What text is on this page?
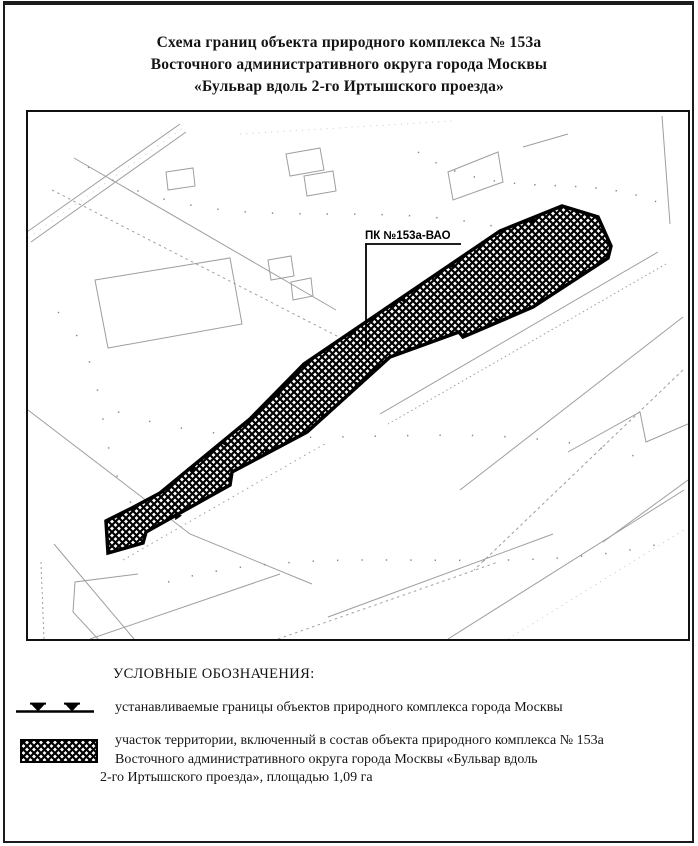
Схема границ объекта природного комплекса № 153а
Восточного административного округа города Москвы
«Бульвар вдоль 2-го Иртышского проезда»
ПК №153а-ВАО
УСЛОВНЫЕ ОБОЗНАЧЕНИЯ:
устанавливаемые границы объектов природного комплекса города Москвы
участок территории, включенный в состав объекта природного комплекса № 153а
Восточного административного округа города Москвы «Бульвар вдоль
2-го Иртышского проезда», площадью 1,09 га
